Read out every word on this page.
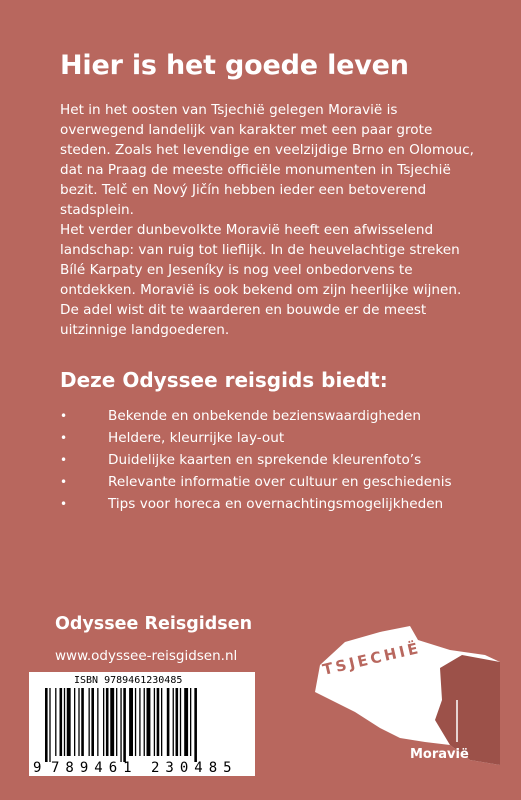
Hier is het goede leven

Het in het oosten van Tsjechië gelegen Moravië is overwegend landelijk van karakter met een paar grote steden. Zoals het levendige en veelzijdige Brno en Olomouc, dat na Praag de meeste officiële monumenten in Tsjechië bezit. Telč en Nový Jičín hebben ieder een betoverend stadsplein.

Het verder dunbevolkte Moravië heeft een afwisselend landschap: van ruig tot lieflijk. In de heuvelachtige streken Bílé Karpaty en Jeseníky is nog veel onbedorvens te ontdekken. Moravië is ook bekend om zijn heerlijke wijnen. De adel wist dit te waarderen en bouwde er de meest uitzinnige landgoederen.

Deze Odyssee reisgids biedt:
•	Bekende en onbekende bezienswaardigheden
•	Heldere, kleurrijke lay-out
•	Duidelijke kaarten en sprekende kleurenfoto’s
•	Relevante informatie over cultuur en geschiedenis
•	Tips voor horeca en overnachtingsmogelijkheden

Odyssee Reisgidsen

www.odyssee-reisgidsen.nl

ISBN 9789461230485
9 789461 230485
TSJECHIË
Moravië
